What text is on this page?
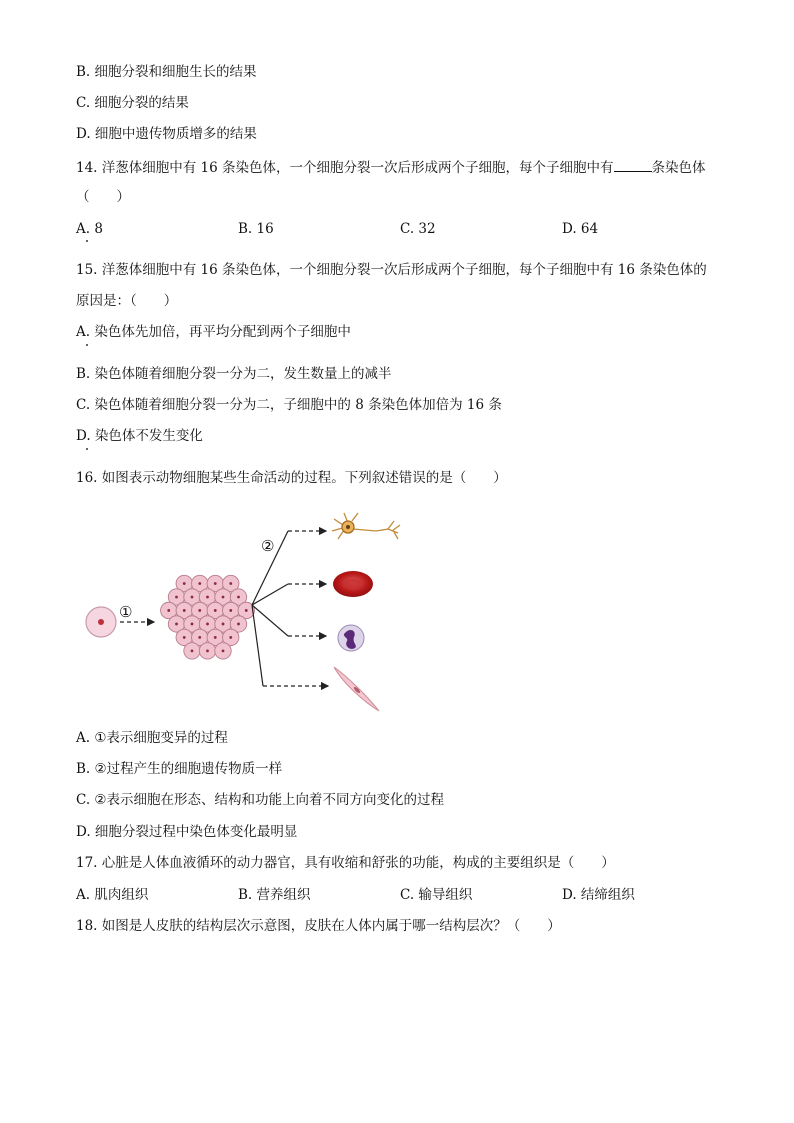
B. 细胞分裂和细胞生长的结果
C. 细胞分裂的结果
D. 细胞中遗传物质增多的结果
14. 洋葱体细胞中有 16 条染色体，一个细胞分裂一次后形成两个子细胞，每个子细胞中有	条染色体
（　　）
A. 8	B. 16	C. 32	D. 64
15. 洋葱体细胞中有 16 条染色体，一个细胞分裂一次后形成两个子细胞，每个子细胞中有 16 条染色体的
原因是：（　　）
A. 染色体先加倍，再平均分配到两个子细胞中
B. 染色体随着细胞分裂一分为二，发生数量上的减半
C. 染色体随着细胞分裂一分为二，子细胞中的 8 条染色体加倍为 16 条
D. 染色体不发生变化
16. 如图表示动物细胞某些生命活动的过程。下列叙述错误的是（　　）
①
②
A. ①表示细胞变异的过程
B. ②过程产生的细胞遗传物质一样
C. ②表示细胞在形态、结构和功能上向着不同方向变化的过程
D. 细胞分裂过程中染色体变化最明显
17. 心脏是人体血液循环的动力器官，具有收缩和舒张的功能，构成的主要组织是（　　）
A. 肌肉组织	B. 营养组织	C. 输导组织	D. 结缔组织
18. 如图是人皮肤的结构层次示意图，皮肤在人体内属于哪一结构层次？（　　）
